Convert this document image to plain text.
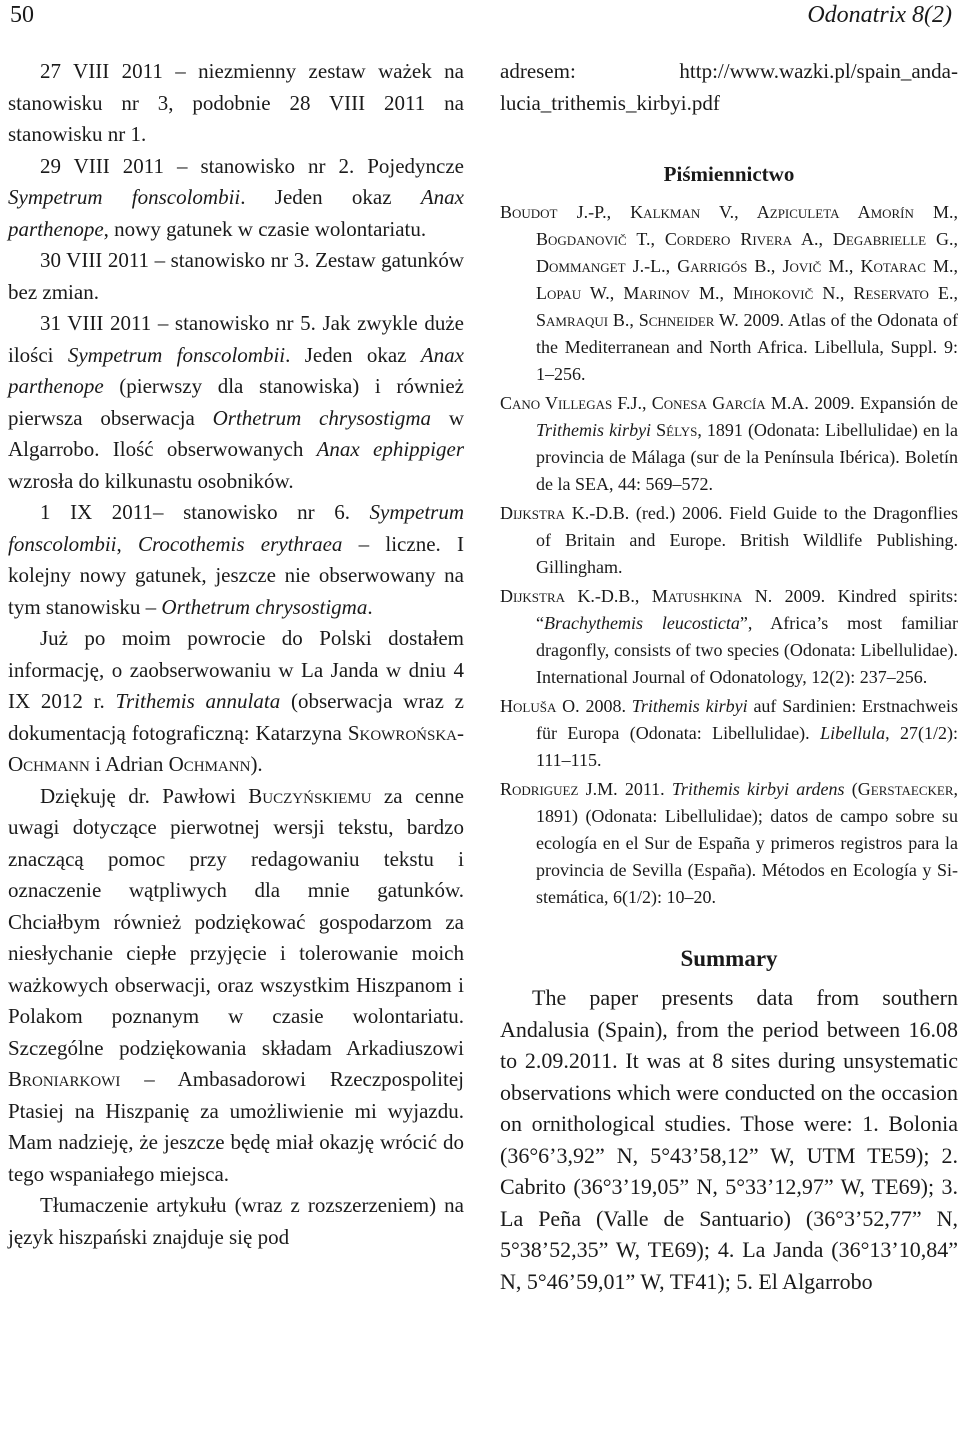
50	Odonatrix 8(2)

27 VIII 2011 – niezmienny zestaw ważek na stanowisku nr 3, podobnie 28 VIII 2011 na stanowisku nr 1.

29 VIII 2011 – stanowisko nr 2. Pojedyncze Sympetrum fonscolombii. Jeden okaz Anax parthenope, nowy gatunek w czasie wolontariatu.

30 VIII 2011 – stanowisko nr 3. Zestaw gatunków bez zmian.

31 VIII 2011 – stanowisko nr 5. Jak zwykle duże ilości Sympetrum fonscolombii. Jeden okaz Anax parthenope (pierwszy dla stanowiska) i również pierwsza obserwacja Orthetrum chrysostigma w Algarrobo. Ilość obserwowanych Anax ephippiger wzrosła do kilkunastu osobników.

1 IX 2011– stanowisko nr 6. Sympetrum fonscolombii, Crocothemis erythraea – liczne. I kolejny nowy gatunek, jeszcze nie obserwowany na tym stanowisku – Orthetrum chrysostigma.

Już po moim powrocie do Polski dostałem informację, o zaobserwowaniu w La Janda w dniu 4 IX 2012 r. Trithemis annulata (obserwacja wraz z dokumentacją fotograficzną: Katarzyna Skowrońska-Ochmann i Adrian Ochmann).

Dziękuję dr. Pawłowi Buczyńskiemu za cenne uwagi dotyczące pierwotnej wersji tekstu, bardzo znaczącą pomoc przy redagowaniu tekstu i oznaczenie wątpliwych dla mnie gatunków. Chciałbym również podziękować gospodarzom za niesłychanie ciepłe przyjęcie i tolerowanie moich ważkowych obserwacji, oraz wszystkim Hiszpanom i Polakom poznanym w czasie wolontariatu. Szczególne podziękowania składam Arkadiuszowi Broniarkowi – Ambasadorowi Rzeczpospolitej Ptasiej na Hiszpanię za umożliwienie mi wyjazdu. Mam nadzieję, że jeszcze będę miał okazję wrócić do tego wspaniałego miejsca.

Tłumaczenie artykułu (wraz z rozszerzeniem) na język hiszpański znajduje się pod

adresem: http://www.wazki.pl/spain_andalucia_trithemis_kirbyi.pdf

Piśmiennictwo

Boudot J.-P., Kalkman V., Azpiculeta Amorín M., Bogdanovič T., Cordero Rivera A., Degabrielle G., Dommanget J.-L., Garrigós B., Jovič M., Kotarac M., Lopau W., Marinov M., Mihokovič N., Reservato E., Samraqui B., Schneider W. 2009. Atlas of the Odonata of the Mediterranean and North Africa. Libellula, Suppl. 9: 1–256.

Cano Villegas F.J., Conesa García M.A. 2009. Expansión de Trithemis kirbyi Sélys, 1891 (Odonata: Libellulidae) en la provincia de Málaga (sur de la Península Ibérica). Boletín de la SEA, 44: 569–572.

Dijkstra K.-D.B. (red.) 2006. Field Guide to the Dragonflies of Britain and Europe. British Wildlife Publishing. Gillingham.

Dijkstra K.-D.B., Matushkina N. 2009. Kindred spirits: “Brachythemis leucosticta”, Africa’s most familiar dragonfly, consists of two species (Odonata: Libellulidae). International Journal of Odonatology, 12(2): 237–256.

Holuša O. 2008. Trithemis kirbyi auf Sardinien: Erstnachweis für Europa (Odonata: Libellulidae). Libellula, 27(1/2): 111–115.

Rodriguez J.M. 2011. Trithemis kirbyi ardens (Gerstaecker, 1891) (Odonata: Libellulidae); datos de campo sobre su ecología en el Sur de España y primeros registros para la provincia de Sevilla (España). Métodos en Ecología y Sistemática, 6(1/2): 10–20.

Summary

The paper presents data from southern Andalusia (Spain), from the period between 16.08 to 2.09.2011. It was at 8 sites during unsystematic observations which were conducted on the occasion on ornithological studies. Those were: 1. Bolonia (36°6’3,92” N, 5°43’58,12” W, UTM TE59); 2. Cabrito (36°3’19,05” N, 5°33’12,97” W, TE69); 3. La Peña (Valle de Santuario) (36°3’52,77” N, 5°38’52,35” W, TE69); 4. La Janda (36°13’10,84” N, 5°46’59,01” W, TF41); 5. El Algarrobo
